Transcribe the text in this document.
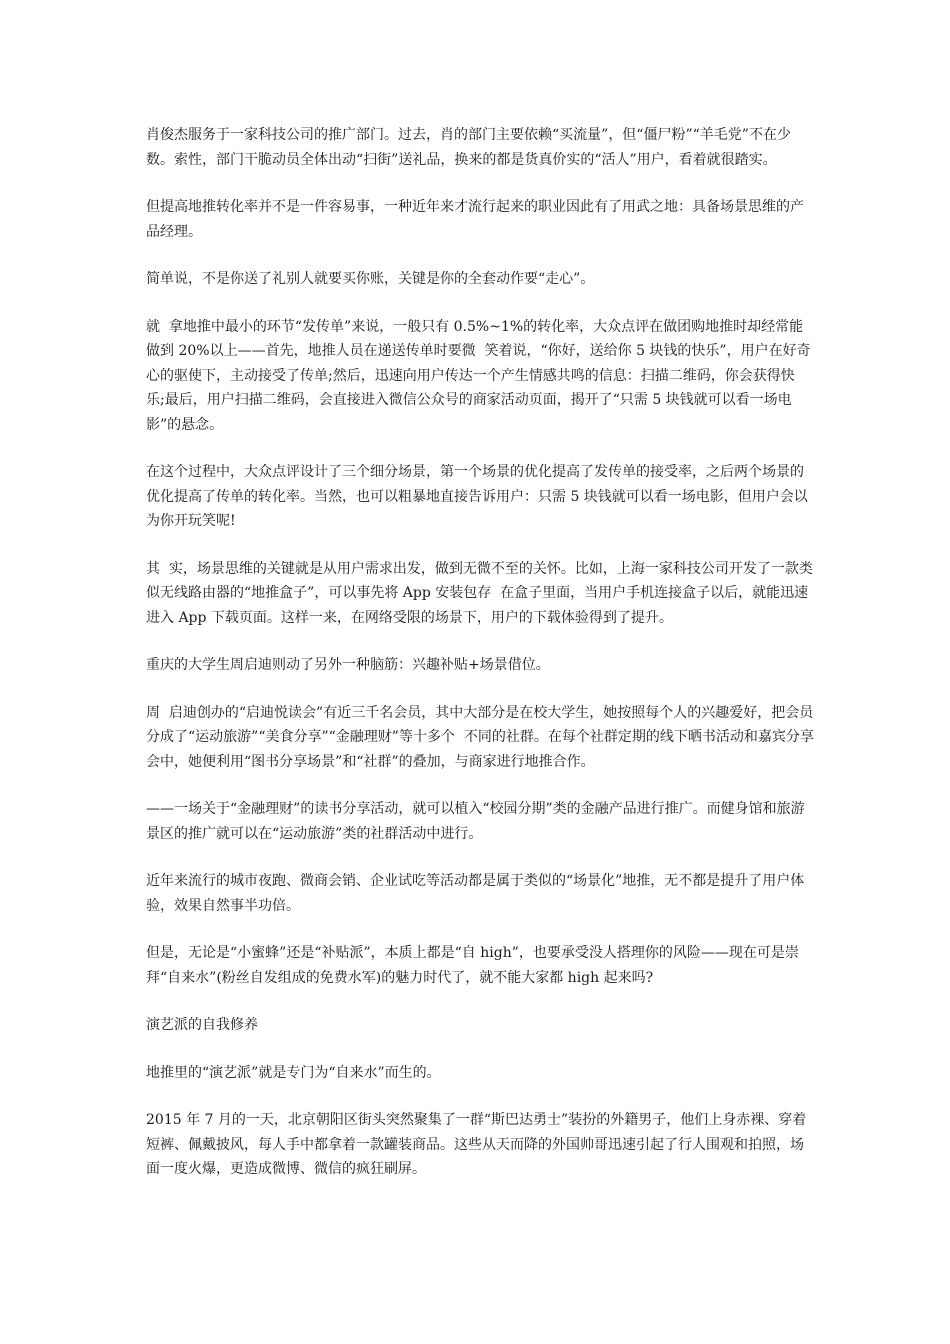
肖俊杰服务于一家科技公司的推广部门。过去，肖的部门主要依赖“买流量”，但“僵尸粉”“羊毛党”不在少数。索性，部门干脆动员全体出动“扫街”送礼品，换来的都是货真价实的“活人”用户，看着就很踏实。

但提高地推转化率并不是一件容易事，一种近年来才流行起来的职业因此有了用武之地：具备场景思维的产品经理。

简单说，不是你送了礼别人就要买你账，关键是你的全套动作要“走心”。

就  拿地推中最小的环节“发传单”来说，一般只有 0.5%~1%的转化率，大众点评在做团购地推时却经常能做到 20%以上——首先，地推人员在递送传单时要微  笑着说，“你好，送给你 5 块钱的快乐”，用户在好奇心的驱使下，主动接受了传单;然后，迅速向用户传达一个产生情感共鸣的信息：扫描二维码，你会获得快  乐;最后，用户扫描二维码，会直接进入微信公众号的商家活动页面，揭开了“只需 5 块钱就可以看一场电影”的悬念。

在这个过程中，大众点评设计了三个细分场景，第一个场景的优化提高了发传单的接受率，之后两个场景的优化提高了传单的转化率。当然，也可以粗暴地直接告诉用户：只需 5 块钱就可以看一场电影，但用户会以为你开玩笑呢!

其  实，场景思维的关键就是从用户需求出发，做到无微不至的关怀。比如，上海一家科技公司开发了一款类似无线路由器的“地推盒子”，可以事先将 App 安装包存  在盒子里面，当用户手机连接盒子以后，就能迅速进入 App 下载页面。这样一来，在网络受限的场景下，用户的下载体验得到了提升。

重庆的大学生周启迪则动了另外一种脑筋：兴趣补贴+场景借位。

周  启迪创办的“启迪悦读会”有近三千名会员，其中大部分是在校大学生，她按照每个人的兴趣爱好，把会员分成了“运动旅游”“美食分享”“金融理财”等十多个  不同的社群。在每个社群定期的线下晒书活动和嘉宾分享会中，她便利用“图书分享场景”和“社群”的叠加，与商家进行地推合作。

——一场关于“金融理财”的读书分享活动，就可以植入“校园分期”类的金融产品进行推广。而健身馆和旅游景区的推广就可以在“运动旅游”类的社群活动中进行。

近年来流行的城市夜跑、微商会销、企业试吃等活动都是属于类似的“场景化”地推，无不都是提升了用户体验，效果自然事半功倍。

但是，无论是“小蜜蜂”还是“补贴派”，本质上都是“自 high”，也要承受没人搭理你的风险——现在可是崇拜“自来水”(粉丝自发组成的免费水军)的魅力时代了，就不能大家都 high 起来吗?

演艺派的自我修养

地推里的“演艺派”就是专门为“自来水”而生的。

2015 年 7 月的一天，北京朝阳区街头突然聚集了一群“斯巴达勇士”装扮的外籍男子，他们上身赤裸、穿着短裤、佩戴披风，每人手中都拿着一款罐装商品。这些从天而降的外国帅哥迅速引起了行人围观和拍照，场面一度火爆，更造成微博、微信的疯狂刷屏。
